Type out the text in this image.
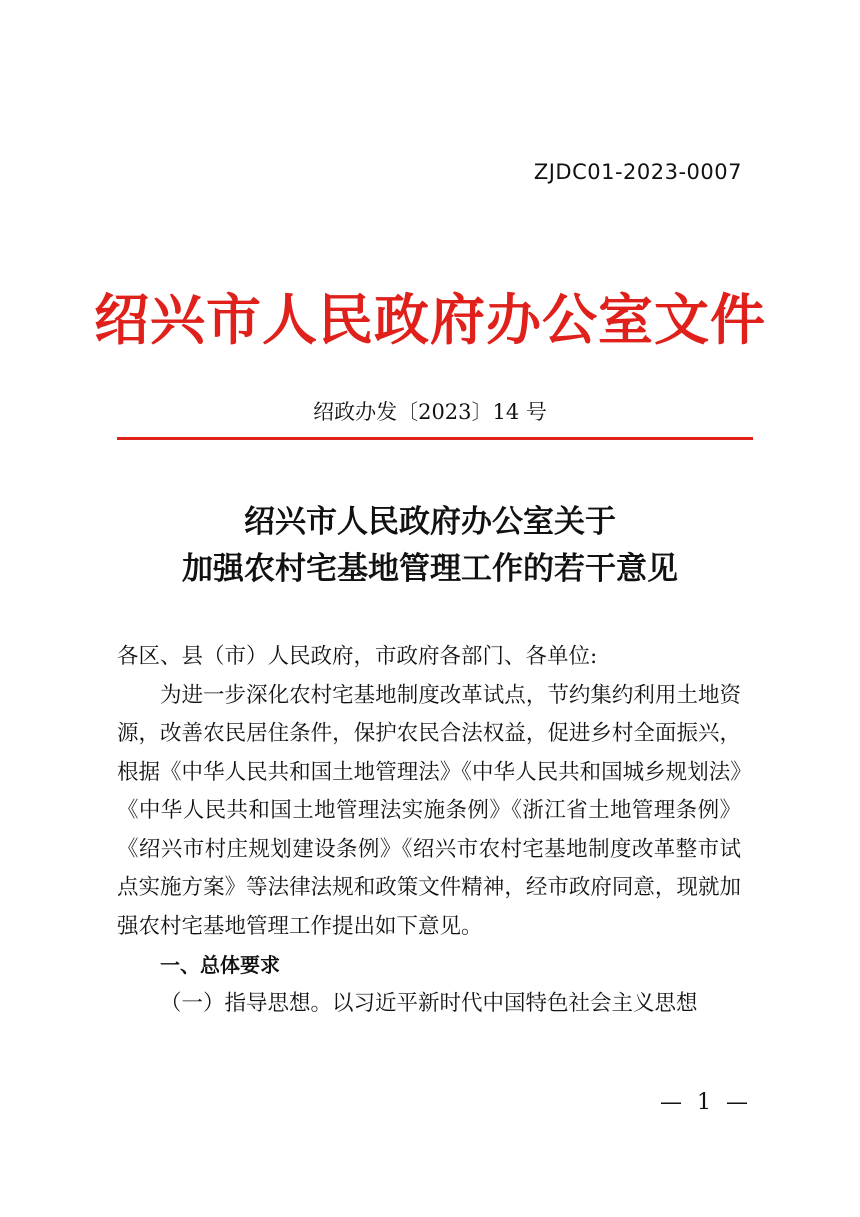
ZJDC01-2023-0007
绍兴市人民政府办公室文件
绍政办发〔2023〕14 号
绍兴市人民政府办公室关于
加强农村宅基地管理工作的若干意见

各区、县（市）人民政府，市政府各部门、各单位:

为进一步深化农村宅基地制度改革试点，节约集约利用土地资源，改善农民居住条件，保护农民合法权益，促进乡村全面振兴，根据《中华人民共和国土地管理法》《中华人民共和国城乡规划法》《中华人民共和国土地管理法实施条例》《浙江省土地管理条例》《绍兴市村庄规划建设条例》《绍兴市农村宅基地制度改革整市试点实施方案》等法律法规和政策文件精神，经市政府同意，现就加强农村宅基地管理工作提出如下意见。

一、总体要求

（一）指导思想。以习近平新时代中国特色社会主义思想

— 1 —
